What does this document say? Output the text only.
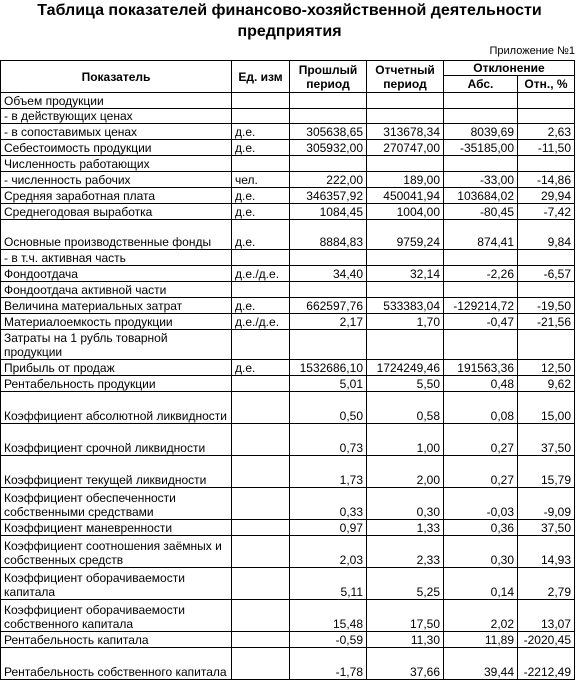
Таблица показателей финансово-хозяйственной деятельности предприятия
Приложение №1
Показатель	Ед. изм	Прошлый период	Отчетный период	Отклонение	
				Абс.	Отн., %
Объем продукции					
- в действующих ценах					
- в сопоставимых ценах	д.е.	305638,65	313678,34	8039,69	2,63
Себестоимость продукции	д.е.	305932,00	270747,00	-35185,00	-11,50
Численность работающих					
- численность рабочих	чел.	222,00	189,00	-33,00	-14,86
Средняя заработная плата	д.е.	346357,92	450041,94	103684,02	29,94
Среднегодовая выработка	д.е.	1084,45	1004,00	-80,45	-7,42
Основные производственные фонды	д.е.	8884,83	9759,24	874,41	9,84
- в т.ч. активная часть					
Фондоотдача	д.е./д.е.	34,40	32,14	-2,26	-6,57
Фондоотдача активной части					
Величина материальных затрат	д.е.	662597,76	533383,04	-129214,72	-19,50
Материалоемкость продукции	д.е./д.е.	2,17	1,70	-0,47	-21,56
Затраты на 1 рубль товарной продукции					
Прибыль от продаж	д.е.	1532686,10	1724249,46	191563,36	12,50
Рентабельность продукции		5,01	5,50	0,48	9,62
Коэффициент абсолютной ликвидности		0,50	0,58	0,08	15,00
Коэффициент срочной ликвидности		0,73	1,00	0,27	37,50
Коэффициент текущей ликвидности		1,73	2,00	0,27	15,79
Коэффициент обеспеченности собственными средствами		0,33	0,30	-0,03	-9,09
Коэффициент маневренности		0,97	1,33	0,36	37,50
Коэффициент соотношения заёмных и собственных средств		2,03	2,33	0,30	14,93
Коэффициент оборачиваемости капитала		5,11	5,25	0,14	2,79
Коэффициент оборачиваемости собственного капитала		15,48	17,50	2,02	13,07
Рентабельность капитала		-0,59	11,30	11,89	-2020,45
Рентабельность собственного капитала		-1,78	37,66	39,44	-2212,49
